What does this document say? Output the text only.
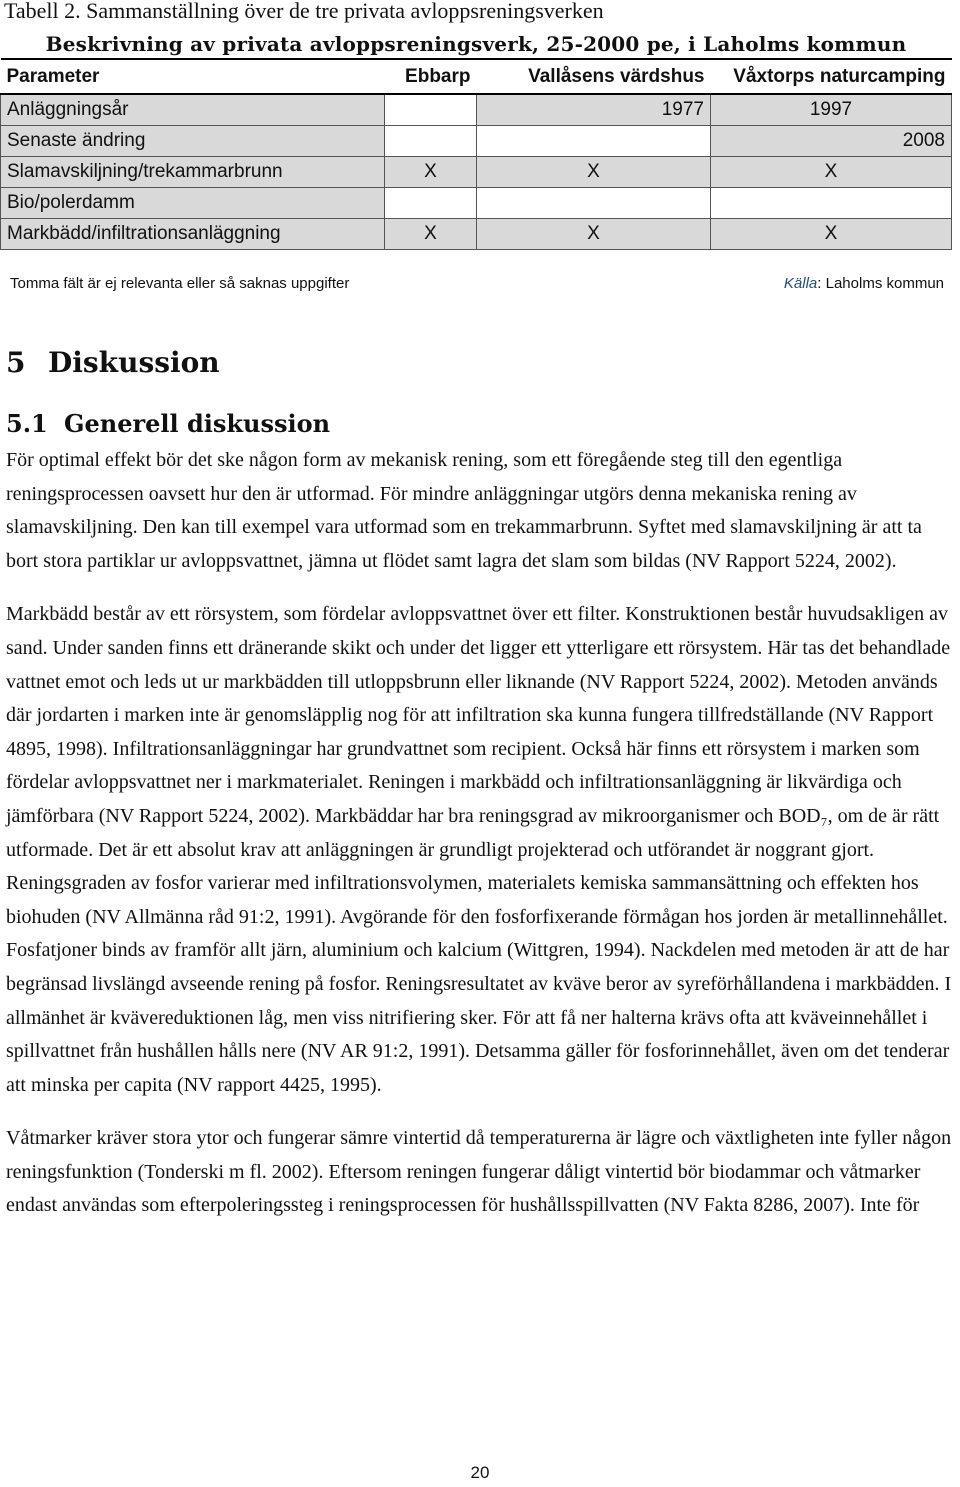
Tabell 2. Sammanställning över de tre privata avloppsreningsverken
Beskrivning av privata avloppsreningsverk, 25-2000 pe, i Laholms kommun			
Parameter	Ebbarp	Vallåsens värdshus	Våxtorps naturcamping
Anläggningsår		1977	1997
Senaste ändring			2008
Slamavskiljning/trekammarbrunn	X	X	X
Bio/polerdamm			
Markbädd/infiltrationsanläggning	X	X	X
Tomma fält är ej relevanta eller så saknas uppgifter	Källa: Laholms kommun
5 Diskussion
5.1 Generell diskussion

För optimal effekt bör det ske någon form av mekanisk rening, som ett föregående steg till den egentliga reningsprocessen oavsett hur den är utformad. För mindre anläggningar utgörs denna mekaniska rening av slamavskiljning. Den kan till exempel vara utformad som en trekammarbrunn. Syftet med slamavskiljning är att ta bort stora partiklar ur avloppsvattnet, jämna ut flödet samt lagra det slam som bildas (NV Rapport 5224, 2002).

Markbädd består av ett rörsystem, som fördelar avloppsvattnet över ett filter. Konstruktionen består huvudsakligen av sand. Under sanden finns ett dränerande skikt och under det ligger ett ytterligare ett rörsystem. Här tas det behandlade vattnet emot och leds ut ur markbädden till utloppsbrunn eller liknande (NV Rapport 5224, 2002). Metoden används där jordarten i marken inte är genomsläpplig nog för att infiltration ska kunna fungera tillfredställande (NV Rapport 4895, 1998). Infiltrationsanläggningar har grundvattnet som recipient. Också här finns ett rörsystem i marken som fördelar avloppsvattnet ner i markmaterialet. Reningen i markbädd och infiltrationsanläggning är likvärdiga och jämförbara (NV Rapport 5224, 2002). Markbäddar har bra reningsgrad av mikroorganismer och BOD₇, om de är rätt utformade. Det är ett absolut krav att anläggningen är grundligt projekterad och utförandet är noggrant gjort. Reningsgraden av fosfor varierar med infiltrationsvolymen, materialets kemiska sammansättning och effekten hos biohuden (NV Allmänna råd 91:2, 1991). Avgörande för den fosforfixerande förmågan hos jorden är metallinnehållet. Fosfatjoner binds av framför allt järn, aluminium och kalcium (Wittgren, 1994). Nackdelen med metoden är att de har begränsad livslängd avseende rening på fosfor. Reningsresultatet av kväve beror av syreförhållandena i markbädden. I allmänhet är kvävereduktionen låg, men viss nitrifiering sker. För att få ner halterna krävs ofta att kväveinnehållet i spillvattnet från hushållen hålls nere (NV AR 91:2, 1991). Detsamma gäller för fosforinnehållet, även om det tenderar att minska per capita (NV rapport 4425, 1995).

Våtmarker kräver stora ytor och fungerar sämre vintertid då temperaturerna är lägre och växtligheten inte fyller någon reningsfunktion (Tonderski m fl. 2002). Eftersom reningen fungerar dåligt vintertid bör biodammar och våtmarker endast användas som efterpoleringssteg i reningsprocessen för hushållsspillvatten (NV Fakta 8286, 2007). Inte för

20
